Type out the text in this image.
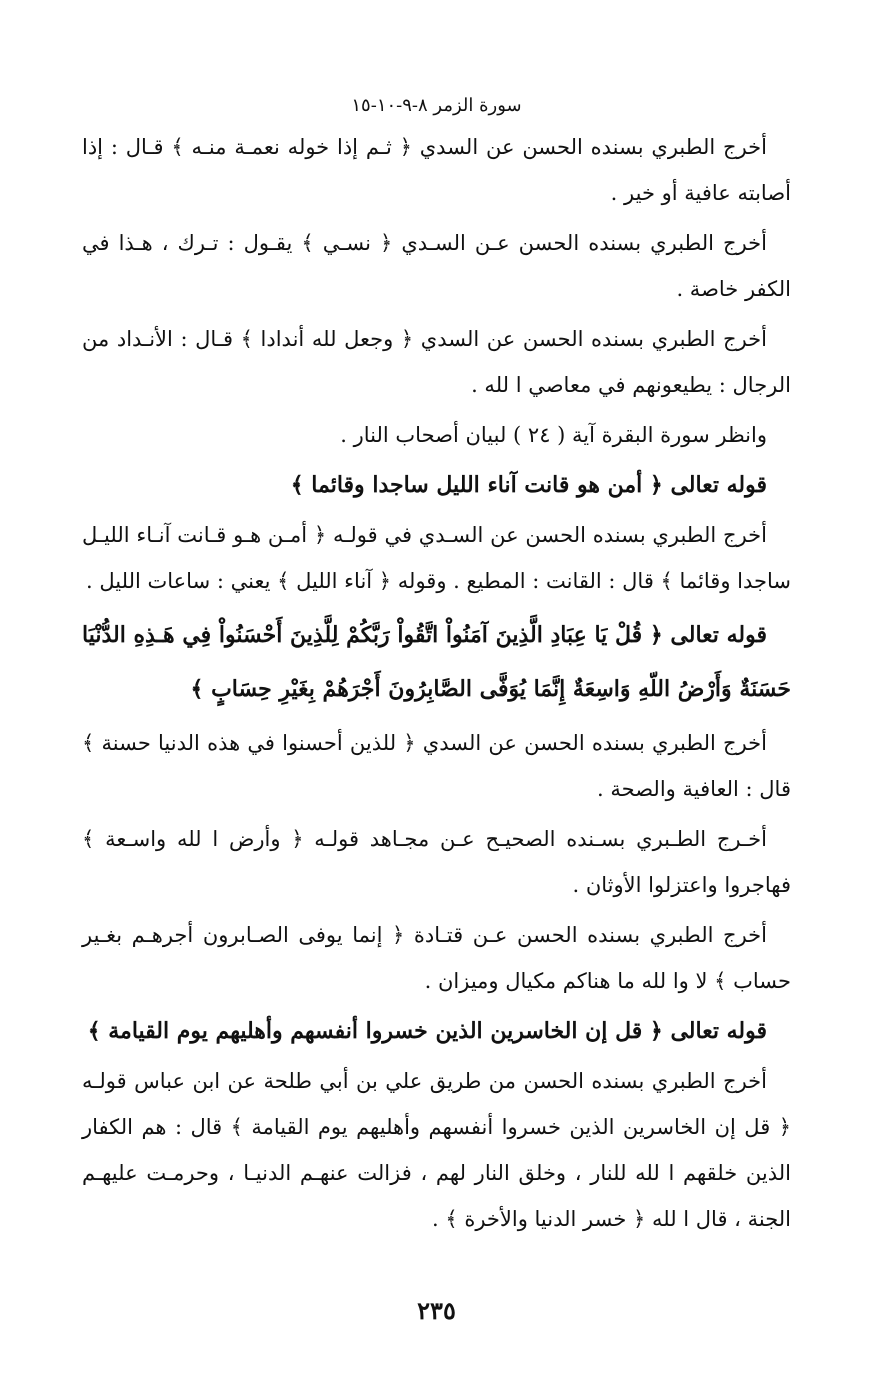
سورة الزمر ٨-٩-١٠-١٥

أخرج الطبري بسنده الحسن عن السدي ﴿ ثـم إذا خوله نعمـة منـه ﴾ قـال : إذا أصابته عافية أو خير .

أخرج الطبري بسنده الحسن عـن السـدي ﴿ نسـي ﴾ يقـول : تـرك ، هـذا في الكفر خاصة .

أخرج الطبري بسنده الحسن عن السدي ﴿ وجعل لله أندادا ﴾ قـال : الأنـداد من الرجال : يطيعونهم في معاصي ا لله .

وانظر سورة البقرة آية ( ٢٤ ) لبيان أصحاب النار .

قوله تعالى ﴿ أمن هو قانت آناء الليل ساجدا وقائما ﴾

أخرج الطبري بسنده الحسن عن السـدي في قولـه ﴿ أمـن هـو قـانت آنـاء الليـل ساجدا وقائما ﴾ قال : القانت : المطيع . وقوله ﴿ آناء الليل ﴾ يعني : ساعات الليل .

قوله تعالى ﴿ قُلْ يَا عِبَادِ الَّذِينَ آمَنُواْ اتَّقُواْ رَبَّكُمْ لِلَّذِينَ أَحْسَنُواْ فِي هَـذِهِ الدُّنْيَا حَسَنَةٌ وَأَرْضُ اللّهِ وَاسِعَةٌ إِنَّمَا يُوَفَّى الصَّابِرُونَ أَجْرَهُمْ بِغَيْرِ حِسَابٍ ﴾

أخرج الطبري بسنده الحسن عن السدي ﴿ للذين أحسنوا في هذه الدنيا حسنة ﴾ قال : العافية والصحة .

أخـرج الطـبري بسـنده الصحيـح عـن مجـاهد قولـه ﴿ وأرض ا لله واسـعة ﴾ فهاجروا واعتزلوا الأوثان .

أخرج الطبري بسنده الحسن عـن قتـادة ﴿ إنما يوفى الصـابرون أجرهـم بغـير حساب ﴾ لا وا لله ما هناكم مكيال وميزان .

قوله تعالى ﴿ قل إن الخاسرين الذين خسروا أنفسهم وأهليهم يوم القيامة ﴾

أخرج الطبري بسنده الحسن من طريق علي بن أبي طلحة عن ابن عباس قولـه ﴿ قل إن الخاسرين الذين خسروا أنفسهم وأهليهم يوم القيامة ﴾ قال : هم الكفار الذين خلقهم ا لله للنار ، وخلق النار لهم ، فزالت عنهـم الدنيـا ، وحرمـت عليهـم الجنة ، قال ا لله ﴿ خسر الدنيا والأخرة ﴾ .

٢٣٥
